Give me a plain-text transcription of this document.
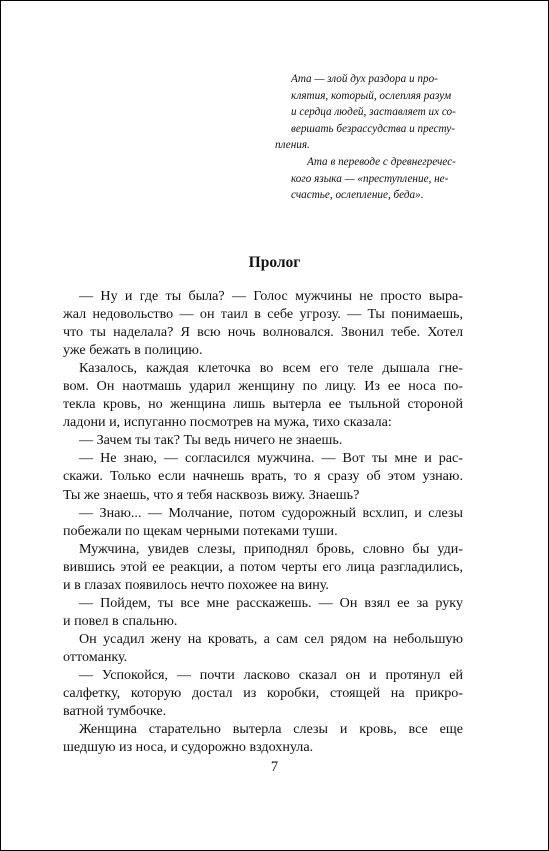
Ата — злой дух раздора и про-
клятия, который, ослепляя разум
и сердца людей, заставляет их со-
вершать безрассудства и престу-
пления.

Ата в переводе с древнегречес-
кого языка — «преступление, не-
счастье, ослепление, беда».

Пролог

— Ну и где ты была? — Голос мужчины не просто выра-
жал недовольство — он таил в себе угрозу. — Ты понимаешь,
что ты наделала? Я всю ночь волновался. Звонил тебе. Хотел
уже бежать в полицию.

Казалось, каждая клеточка во всем его теле дышала гне-
вом. Он наотмашь ударил женщину по лицу. Из ее носа по-
текла кровь, но женщина лишь вытерла ее тыльной стороной
ладони и, испуганно посмотрев на мужа, тихо сказала:

— Зачем ты так? Ты ведь ничего не знаешь.

— Не знаю, — согласился мужчина. — Вот ты мне и рас-
скажи. Только если начнешь врать, то я сразу об этом узнаю.
Ты же знаешь, что я тебя насквозь вижу. Знаешь?

— Знаю... — Молчание, потом судорожный всхлип, и слезы
побежали по щекам черными потеками туши.

Мужчина, увидев слезы, приподнял бровь, словно бы уди-
вившись этой ее реакции, а потом черты его лица разгладились,
и в глазах появилось нечто похожее на вину.

— Пойдем, ты все мне расскажешь. — Он взял ее за руку
и повел в спальню.

Он усадил жену на кровать, а сам сел рядом на небольшую
оттоманку.

— Успокойся, — почти ласково сказал он и протянул ей
салфетку, которую достал из коробки, стоящей на прикро-
ватной тумбочке.

Женщина старательно вытерла слезы и кровь, все еще
шедшую из носа, и судорожно вздохнула.

7
